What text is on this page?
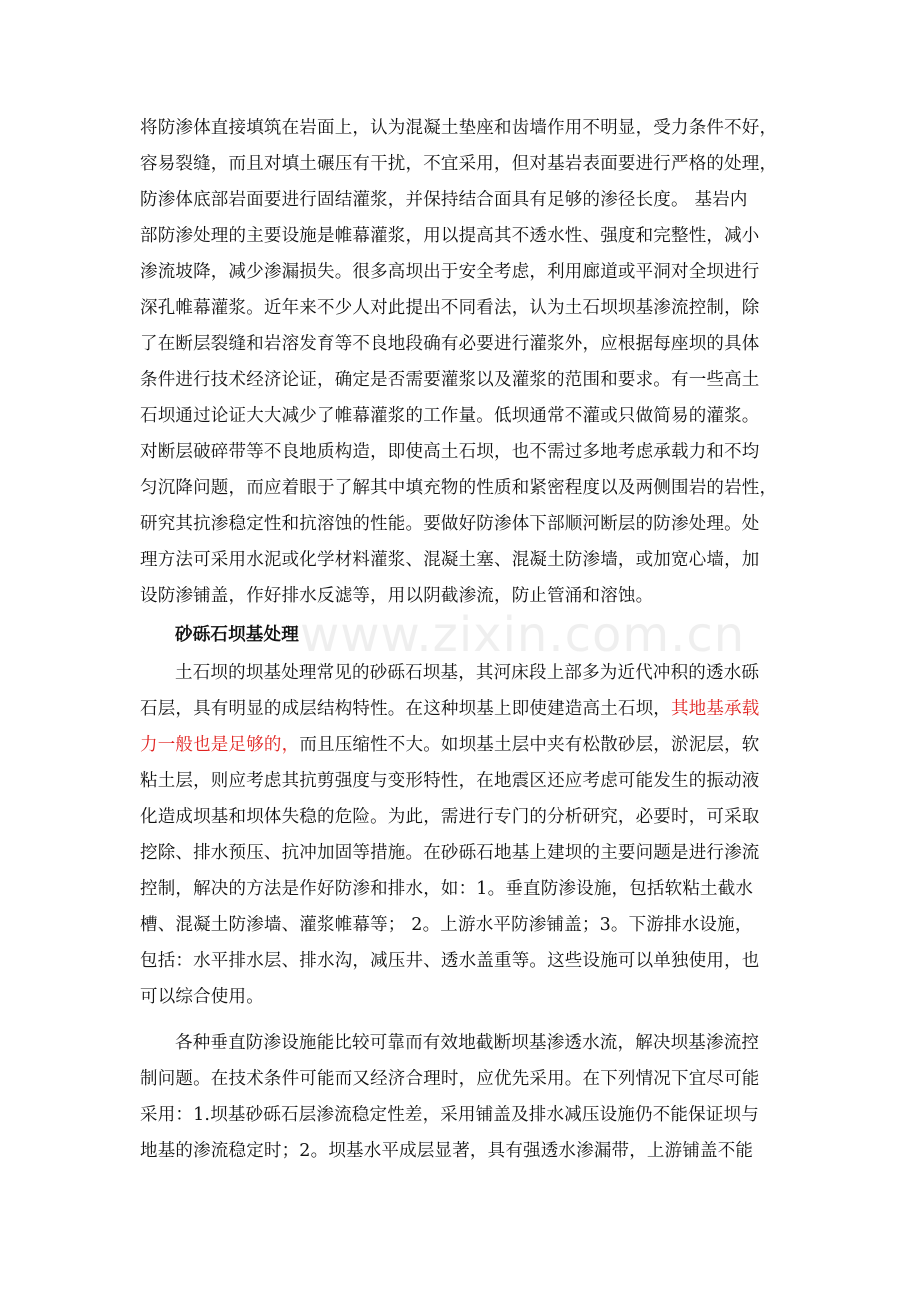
www.zixin.com.cn
将防渗体直接填筑在岩面上，认为混凝土垫座和齿墙作用不明显，受力条件不好，
容易裂缝，而且对填土碾压有干扰，不宜采用，但对基岩表面要进行严格的处理，
防渗体底部岩面要进行固结灌浆，并保持结合面具有足够的渗径长度。 基岩内
部防渗处理的主要设施是帷幕灌浆，用以提高其不透水性、强度和完整性，减小
渗流坡降，减少渗漏损失。很多高坝出于安全考虑，利用廊道或平洞对全坝进行
深孔帷幕灌浆。近年来不少人对此提出不同看法，认为土石坝坝基渗流控制，除
了在断层裂缝和岩溶发育等不良地段确有必要进行灌浆外，应根据每座坝的具体
条件进行技术经济论证，确定是否需要灌浆以及灌浆的范围和要求。有一些高土
石坝通过论证大大减少了帷幕灌浆的工作量。低坝通常不灌或只做简易的灌浆。
对断层破碎带等不良地质构造，即使高土石坝，也不需过多地考虑承载力和不均
匀沉降问题，而应着眼于了解其中填充物的性质和紧密程度以及两侧围岩的岩性，
研究其抗渗稳定性和抗溶蚀的性能。要做好防渗体下部顺河断层的防渗处理。处
理方法可采用水泥或化学材料灌浆、混凝土塞、混凝土防渗墙，或加宽心墙，加
设防渗铺盖，作好排水反滤等，用以阴截渗流，防止管涌和溶蚀。
砂砾石坝基处理
土石坝的坝基处理常见的砂砾石坝基，其河床段上部多为近代冲积的透水砾
石层，具有明显的成层结构特性。在这种坝基上即使建造高土石坝，其地基承载
力一般也是足够的，而且压缩性不大。如坝基土层中夹有松散砂层，淤泥层，软
粘土层，则应考虑其抗剪强度与变形特性，在地震区还应考虑可能发生的振动液
化造成坝基和坝体失稳的危险。为此，需进行专门的分析研究，必要时，可采取
挖除、排水预压、抗冲加固等措施。在砂砾石地基上建坝的主要问题是进行渗流
控制，解决的方法是作好防渗和排水，如：1。垂直防渗设施，包括软粘土截水
槽、混凝土防渗墙、灌浆帷幕等； 2。上游水平防渗铺盖；3。下游排水设施，
包括：水平排水层、排水沟，减压井、透水盖重等。这些设施可以单独使用，也
可以综合使用。
各种垂直防渗设施能比较可靠而有效地截断坝基渗透水流，解决坝基渗流控
制问题。在技术条件可能而又经济合理时，应优先采用。在下列情况下宜尽可能
采用：1.坝基砂砾石层渗流稳定性差，采用铺盖及排水减压设施仍不能保证坝与
地基的渗流稳定时；2。坝基水平成层显著，具有强透水渗漏带，上游铺盖不能
